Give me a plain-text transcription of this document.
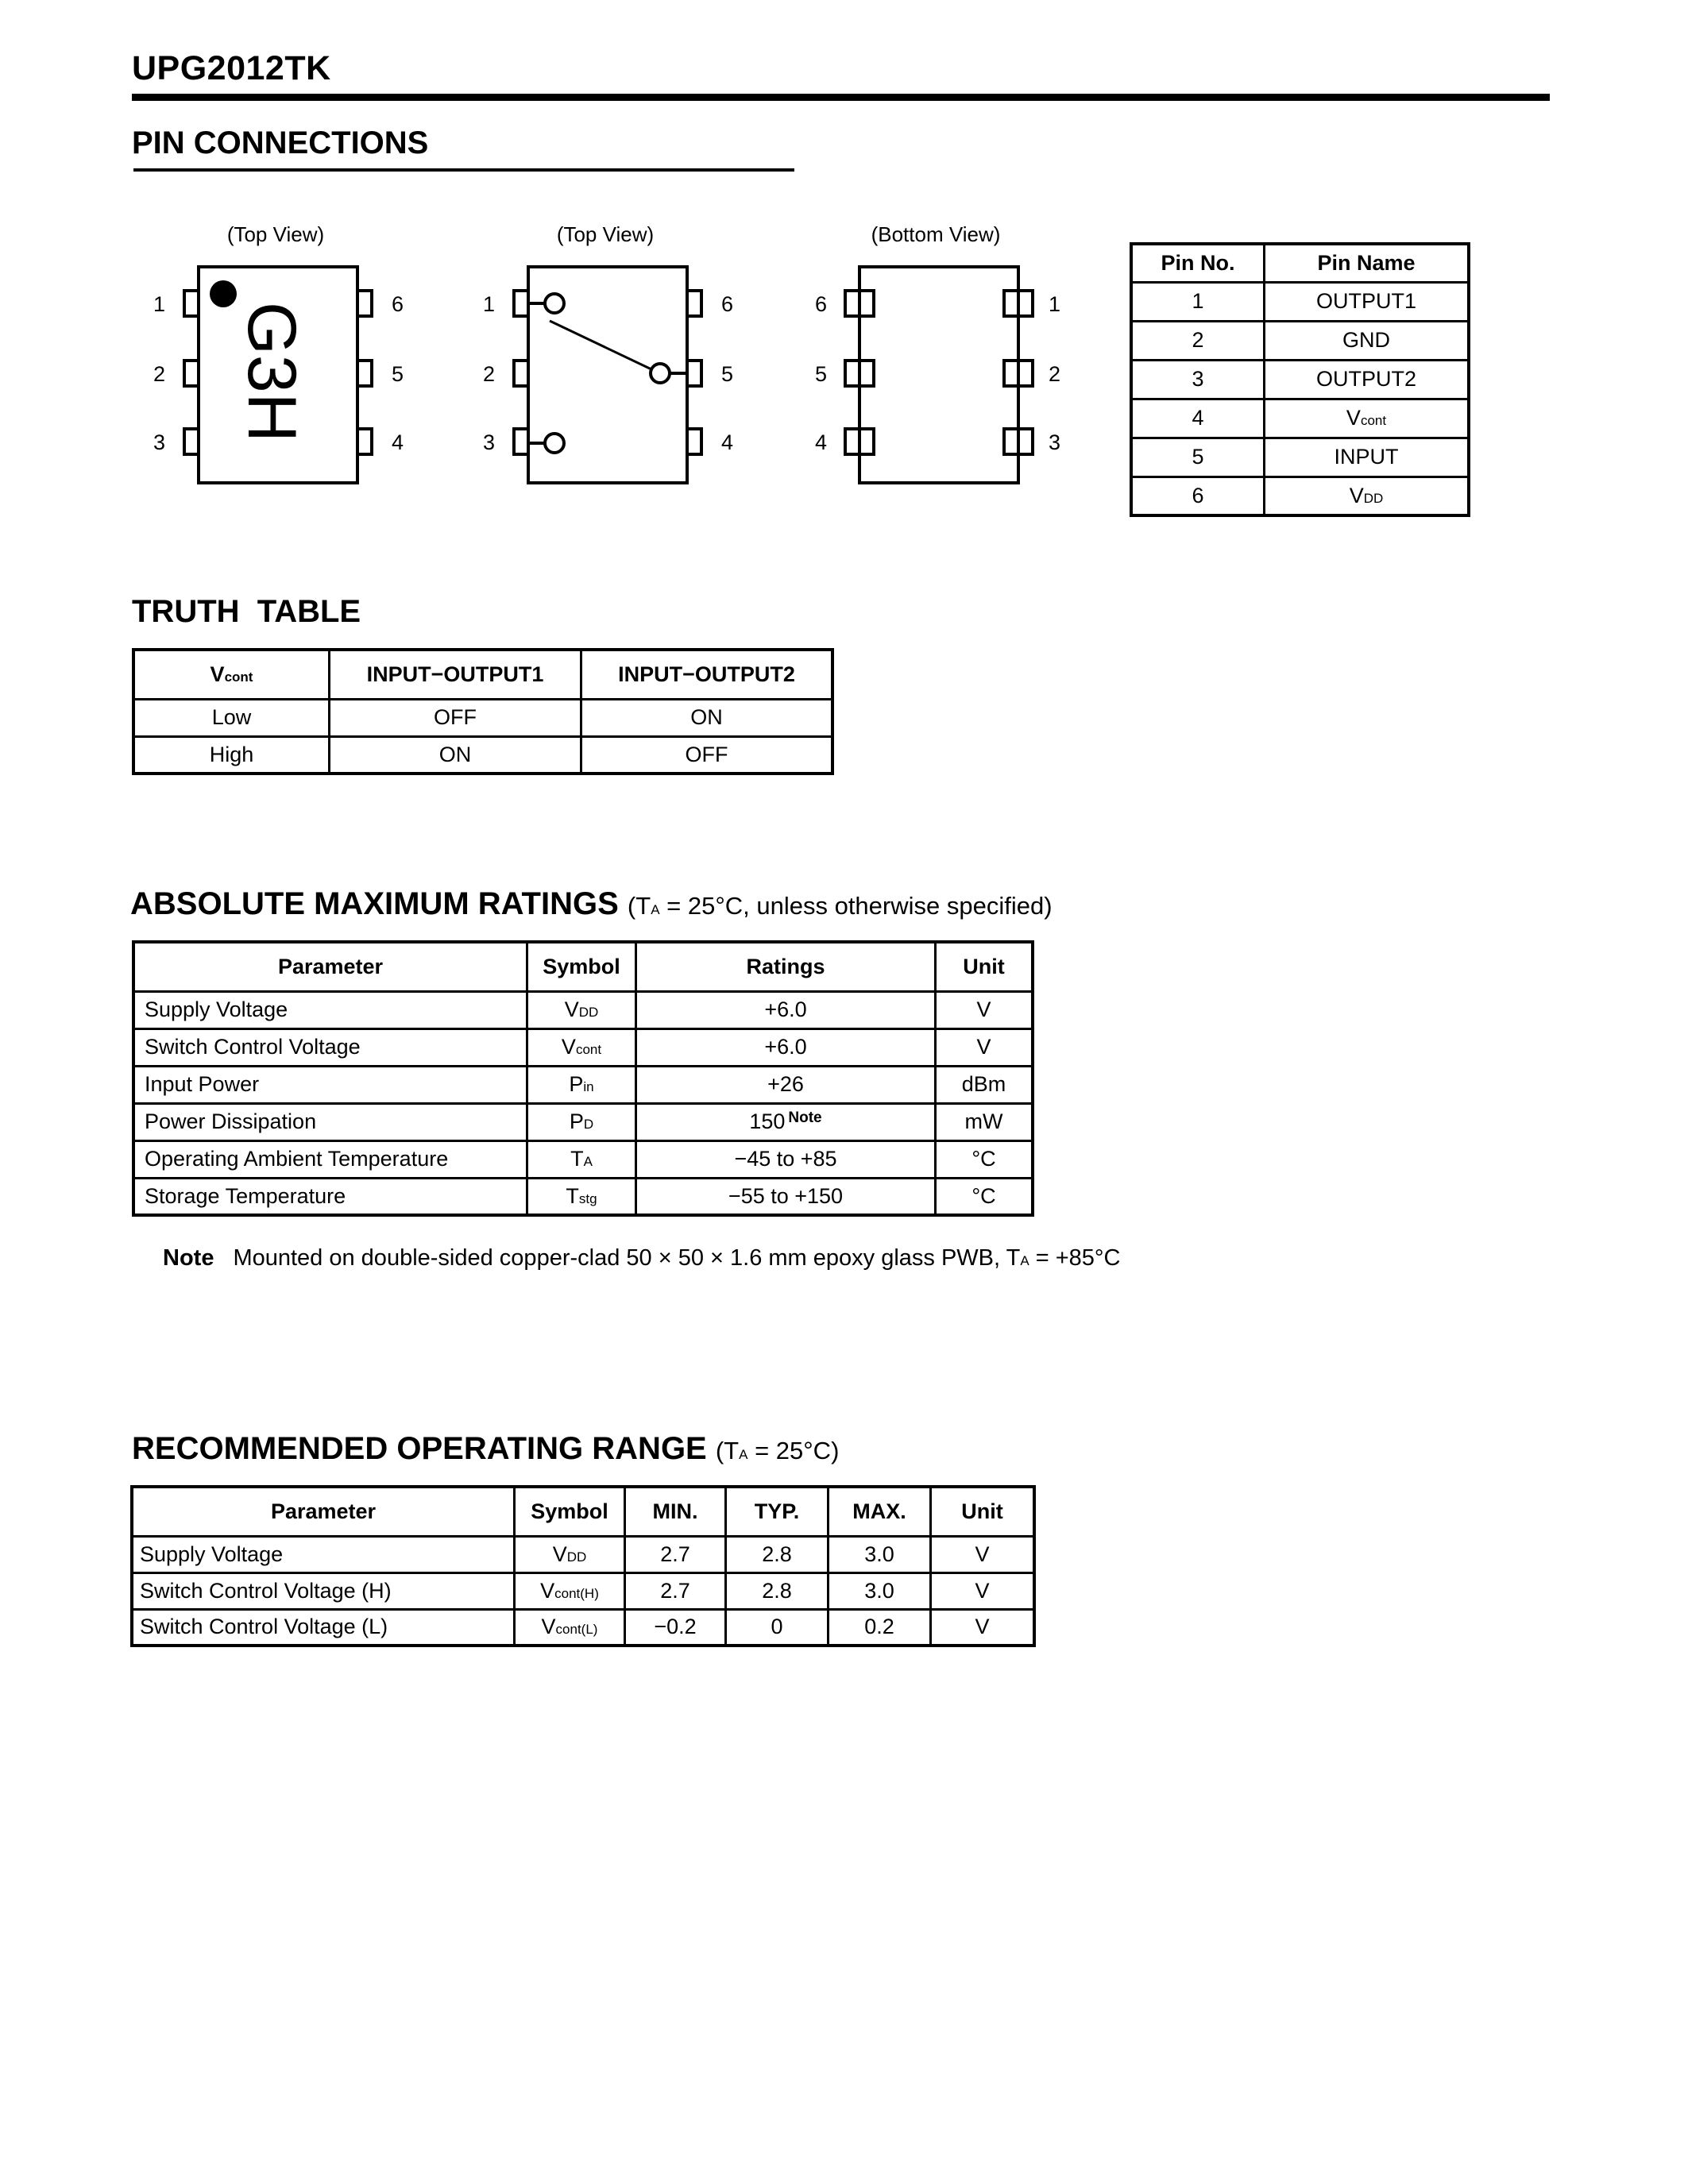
UPG2012TK
PIN CONNECTIONS
(Top View)	(Top View)	(Bottom View)
G3H
1
2
3
6
5
4
1
2
3
6
5
4
6
5
4
1
2
3
Pin No.	Pin Name
1	OUTPUT1
2	GND
3	OUTPUT2
4	Vcont
5	INPUT
6	VDD
TRUTH  TABLE
Vcont	INPUT−OUTPUT1	INPUT−OUTPUT2
Low	OFF	ON
High	ON	OFF
ABSOLUTE MAXIMUM RATINGS (TA = 25°C, unless otherwise specified)
Parameter	Symbol	Ratings	Unit
Supply Voltage	VDD	+6.0	V
Switch Control Voltage	Vcont	+6.0	V
Input Power	Pin	+26	dBm
Power Dissipation	PD	150 $^{Note}$	mW
Operating Ambient Temperature	TA	−45 to +85	°C
Storage Temperature	Tstg	−55 to +150	°C
Note Mounted on double-sided copper-clad 50 × 50 × 1.6 mm epoxy glass PWB, TA = +85°C
RECOMMENDED OPERATING RANGE (TA = 25°C)
Parameter	Symbol	MIN.	TYP.	MAX.	Unit
Supply Voltage	VDD	2.7	2.8	3.0	V
Switch Control Voltage (H)	Vcont(H)	2.7	2.8	3.0	V
Switch Control Voltage (L)	Vcont(L)	−0.2	0	0.2	V
